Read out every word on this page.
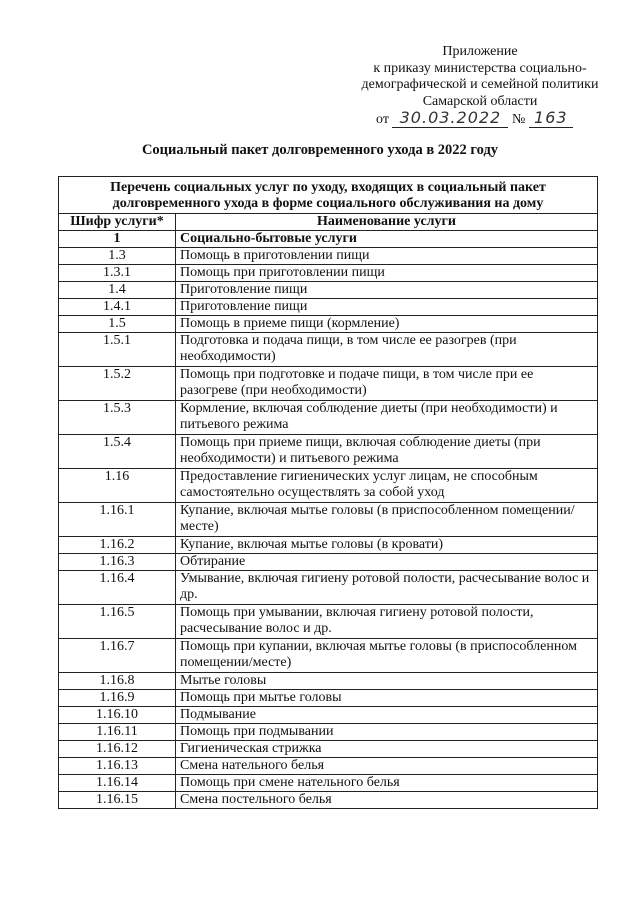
Приложение
к приказу министерства социально-
демографической и семейной политики
Самарской области
от 30.03.2022 № 163
Социальный пакет долговременного ухода в 2022 году
Перечень социальных услуг по уходу, входящих в социальный пакет долговременного ухода в форме социального обслуживания на дому	
Шифр услуги*	Наименование услуги
1	Социально-бытовые услуги
1.3	Помощь в приготовлении пищи
1.3.1	Помощь при приготовлении пищи
1.4	Приготовление пищи
1.4.1	Приготовление пищи
1.5	Помощь в приеме пищи (кормление)
1.5.1	Подготовка и подача пищи, в том числе ее разогрев (при необходимости)
1.5.2	Помощь при подготовке и подаче пищи, в том числе при ее разогреве (при необходимости)
1.5.3	Кормление, включая соблюдение диеты (при необходимости) и питьевого режима
1.5.4	Помощь при приеме пищи, включая соблюдение диеты (при необходимости) и питьевого режима
1.16	Предоставление гигиенических услуг лицам, не способным самостоятельно осуществлять за собой уход
1.16.1	Купание, включая мытье головы (в приспособленном помещении/месте)
1.16.2	Купание, включая мытье головы (в кровати)
1.16.3	Обтирание
1.16.4	Умывание, включая гигиену ротовой полости, расчесывание волос и др.
1.16.5	Помощь при умывании, включая гигиену ротовой полости, расчесывание волос и др.
1.16.7	Помощь при купании, включая мытье головы (в приспособленном помещении/месте)
1.16.8	Мытье головы
1.16.9	Помощь при мытье головы
1.16.10	Подмывание
1.16.11	Помощь при подмывании
1.16.12	Гигиеническая стрижка
1.16.13	Смена нательного белья
1.16.14	Помощь при смене нательного белья
1.16.15	Смена постельного белья
